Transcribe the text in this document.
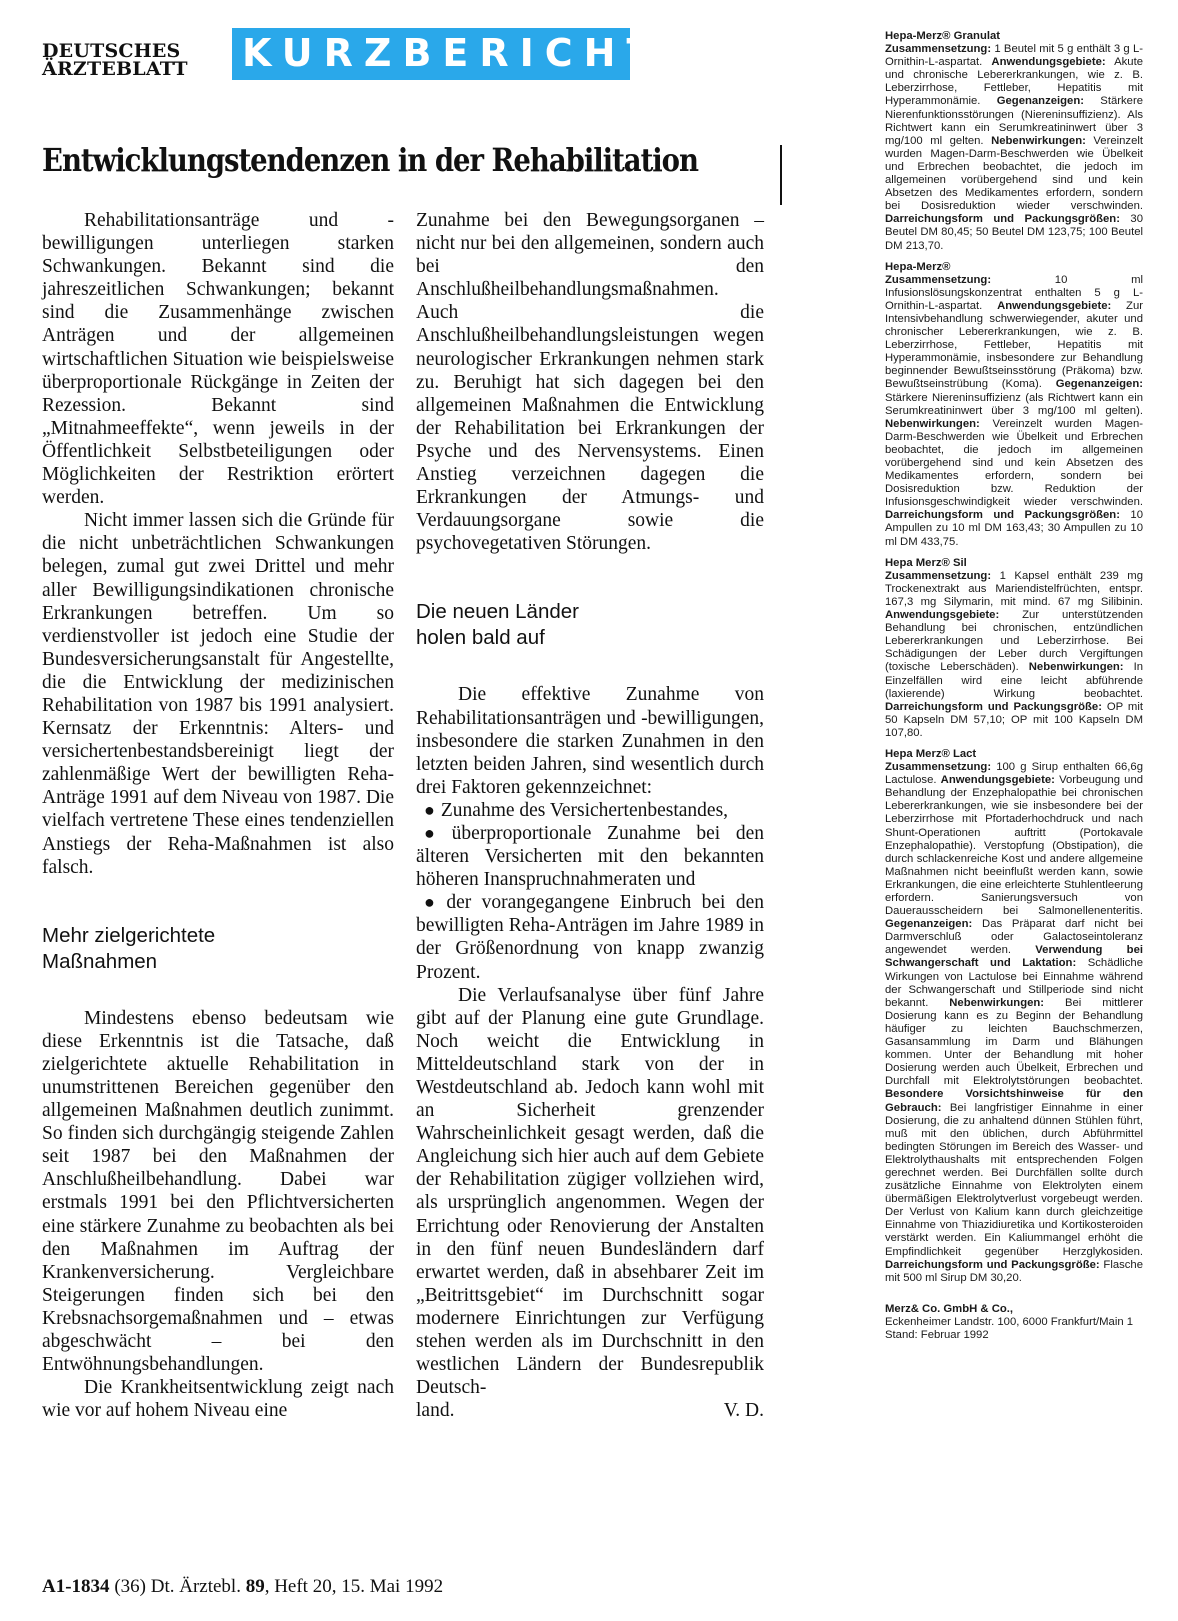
DEUTSCHES
ÄRZTEBLATT	KURZBERICHTE
Entwicklungstendenzen in der Rehabilitation

Rehabilitationsanträge und -bewilligungen unterliegen starken Schwankungen. Bekannt sind die jahreszeitlichen Schwankungen; bekannt sind die Zusammenhänge zwischen Anträgen und der allgemeinen wirtschaftlichen Situation wie beispielsweise überproportionale Rückgänge in Zeiten der Rezession. Bekannt sind „Mitnahmeeffekte“, wenn jeweils in der Öffentlichkeit Selbstbeteiligungen oder Möglichkeiten der Restriktion erörtert werden.

Nicht immer lassen sich die Gründe für die nicht unbeträchtlichen Schwankungen belegen, zumal gut zwei Drittel und mehr aller Bewilligungsindikationen chronische Erkrankungen betreffen. Um so verdienstvoller ist jedoch eine Studie der Bundesversicherungsanstalt für Angestellte, die die Entwicklung der medizinischen Rehabilitation von 1987 bis 1991 analysiert. Kernsatz der Erkenntnis: Alters- und versichertenbestandsbereinigt liegt der zahlenmäßige Wert der bewilligten Reha-Anträge 1991 auf dem Niveau von 1987. Die vielfach vertretene These eines tendenziellen Anstiegs der Reha-Maßnahmen ist also falsch.

Mehr zielgerichtete
Maßnahmen

Mindestens ebenso bedeutsam wie diese Erkenntnis ist die Tatsache, daß zielgerichtete aktuelle Rehabilitation in unumstrittenen Bereichen gegenüber den allgemeinen Maßnahmen deutlich zunimmt. So finden sich durchgängig steigende Zahlen seit 1987 bei den Maßnahmen der Anschlußheilbehandlung. Dabei war erstmals 1991 bei den Pflichtversicherten eine stärkere Zunahme zu beobachten als bei den Maßnahmen im Auftrag der Krankenversicherung. Vergleichbare Steigerungen finden sich bei den Krebsnachsorgemaßnahmen und – etwas abgeschwächt – bei den Entwöhnungsbehandlungen.

Die Krankheitsentwicklung zeigt nach wie vor auf hohem Niveau eine

Zunahme bei den Bewegungsorganen – nicht nur bei den allgemeinen, sondern auch bei den Anschlußheilbehandlungsmaßnahmen. Auch die Anschlußheilbehandlungsleistungen wegen neurologischer Erkrankungen nehmen stark zu. Beruhigt hat sich dagegen bei den allgemeinen Maßnahmen die Entwicklung der Rehabilitation bei Erkrankungen der Psyche und des Nervensystems. Einen Anstieg verzeichnen dagegen die Erkrankungen der Atmungs- und Verdauungsorgane sowie die psychovegetativen Störungen.

Die neuen Länder
holen bald auf

Die effektive Zunahme von Rehabilitationsanträgen und -bewilligungen, insbesondere die starken Zunahmen in den letzten beiden Jahren, sind wesentlich durch drei Faktoren gekennzeichnet:

● Zunahme des Versichertenbestandes,

● überproportionale Zunahme bei den älteren Versicherten mit den bekannten höheren Inanspruchnahmeraten und

● der vorangegangene Einbruch bei den bewilligten Reha-Anträgen im Jahre 1989 in der Größenordnung von knapp zwanzig Prozent.

Die Verlaufsanalyse über fünf Jahre gibt auf der Planung eine gute Grundlage. Noch weicht die Entwicklung in Mitteldeutschland stark von der in Westdeutschland ab. Jedoch kann wohl mit an Sicherheit grenzender Wahrscheinlichkeit gesagt werden, daß die Angleichung sich hier auch auf dem Gebiete der Rehabilitation zügiger vollziehen wird, als ursprünglich angenommen. Wegen der Errichtung oder Renovierung der Anstalten in den fünf neuen Bundesländern darf erwartet werden, daß in absehbarer Zeit im „Beitrittsgebiet“ im Durchschnitt sogar modernere Einrichtungen zur Verfügung stehen werden als im Durchschnitt in den westlichen Ländern der Bundesrepublik Deutsch-

land.	V. D.
A1-1834 (36) Dt. Ärztebl. 89, Heft 20, 15. Mai 1992
Hepa-Merz® Granulat
Zusammensetzung: 1 Beutel mit 5 g enthält 3 g L-Ornithin-L-aspartat. Anwendungsgebiete: Akute und chronische Lebererkrankungen, wie z. B. Leberzirrhose, Fettleber, Hepatitis mit Hyperammonämie. Gegenanzeigen: Stärkere Nierenfunktionsstörungen (Niereninsuffizienz). Als Richtwert kann ein Serumkreatininwert über 3 mg/100 ml gelten. Nebenwirkungen: Vereinzelt wurden Magen-Darm-Beschwerden wie Übelkeit und Erbrechen beobachtet, die jedoch im allgemeinen vorübergehend sind und kein Absetzen des Medikamentes erfordern, sondern bei Dosisreduktion wieder verschwinden. Darreichungsform und Packungsgrößen: 30 Beutel DM 80,45; 50 Beutel DM 123,75; 100 Beutel DM 213,70.
Hepa-Merz®
Zusammensetzung: 10 ml Infusionslösungskonzentrat enthalten 5 g L-Ornithin-L-aspartat. Anwendungsgebiete: Zur Intensivbehandlung schwerwiegender, akuter und chronischer Lebererkrankungen, wie z. B. Leberzirrhose, Fettleber, Hepatitis mit Hyperammonämie, insbesondere zur Behandlung beginnender Bewußtseinsstörung (Präkoma) bzw. Bewußtseinstrübung (Koma). Gegenanzeigen: Stärkere Niereninsuffizienz (als Richtwert kann ein Serumkreatininwert über 3 mg/100 ml gelten). Nebenwirkungen: Vereinzelt wurden Magen-Darm-Beschwerden wie Übelkeit und Erbrechen beobachtet, die jedoch im allgemeinen vorübergehend sind und kein Absetzen des Medikamentes erfordern, sondern bei Dosisreduktion bzw. Reduktion der Infusionsgeschwindigkeit wieder verschwinden. Darreichungsform und Packungsgrößen: 10 Ampullen zu 10 ml DM 163,43; 30 Ampullen zu 10 ml DM 433,75.
Hepa Merz® Sil
Zusammensetzung: 1 Kapsel enthält 239 mg Trockenextrakt aus Mariendistelfrüchten, entspr. 167,3 mg Silymarin, mit mind. 67 mg Silibinin. Anwendungsgebiete: Zur unterstützenden Behandlung bei chronischen, entzündlichen Lebererkrankungen und Leberzirrhose. Bei Schädigungen der Leber durch Vergiftungen (toxische Leberschäden). Nebenwirkungen: In Einzelfällen wird eine leicht abführende (laxierende) Wirkung beobachtet. Darreichungsform und Packungsgröße: OP mit 50 Kapseln DM 57,10; OP mit 100 Kapseln DM 107,80.
Hepa Merz® Lact
Zusammensetzung: 100 g Sirup enthalten 66,6g Lactulose. Anwendungsgebiete: Vorbeugung und Behandlung der Enzephalopathie bei chronischen Lebererkrankungen, wie sie insbesondere bei der Leberzirrhose mit Pfortaderhochdruck und nach Shunt-Operationen auftritt (Portokavale Enzephalopathie). Verstopfung (Obstipation), die durch schlackenreiche Kost und andere allgemeine Maßnahmen nicht beeinflußt werden kann, sowie Erkrankungen, die eine erleichterte Stuhlentleerung erfordern. Sanierungsversuch von Dauerausscheidern bei Salmonellenenteritis. Gegenanzeigen: Das Präparat darf nicht bei Darmverschluß oder Galactoseintoleranz angewendet werden. Verwendung bei Schwangerschaft und Laktation: Schädliche Wirkungen von Lactulose bei Einnahme während der Schwangerschaft und Stillperiode sind nicht bekannt. Nebenwirkungen: Bei mittlerer Dosierung kann es zu Beginn der Behandlung häufiger zu leichten Bauchschmerzen, Gasansammlung im Darm und Blähungen kommen. Unter der Behandlung mit hoher Dosierung werden auch Übelkeit, Erbrechen und Durchfall mit Elektrolytstörungen beobachtet. Besondere Vorsichtshinweise für den Gebrauch: Bei langfristiger Einnahme in einer Dosierung, die zu anhaltend dünnen Stühlen führt, muß mit den üblichen, durch Abführmittel bedingten Störungen im Bereich des Wasser- und Elektrolythaushalts mit entsprechenden Folgen gerechnet werden. Bei Durchfällen sollte durch zusätzliche Einnahme von Elektrolyten einem übermäßigen Elektrolytverlust vorgebeugt werden. Der Verlust von Kalium kann durch gleichzeitige Einnahme von Thiazidiuretika und Kortikosteroiden verstärkt werden. Ein Kaliummangel erhöht die Empfindlichkeit gegenüber Herzglykosiden. Darreichungsform und Packungsgröße: Flasche mit 500 ml Sirup DM 30,20.
Merz& Co. GmbH & Co.,
Eckenheimer Landstr. 100, 6000 Frankfurt/Main 1
Stand: Februar 1992
